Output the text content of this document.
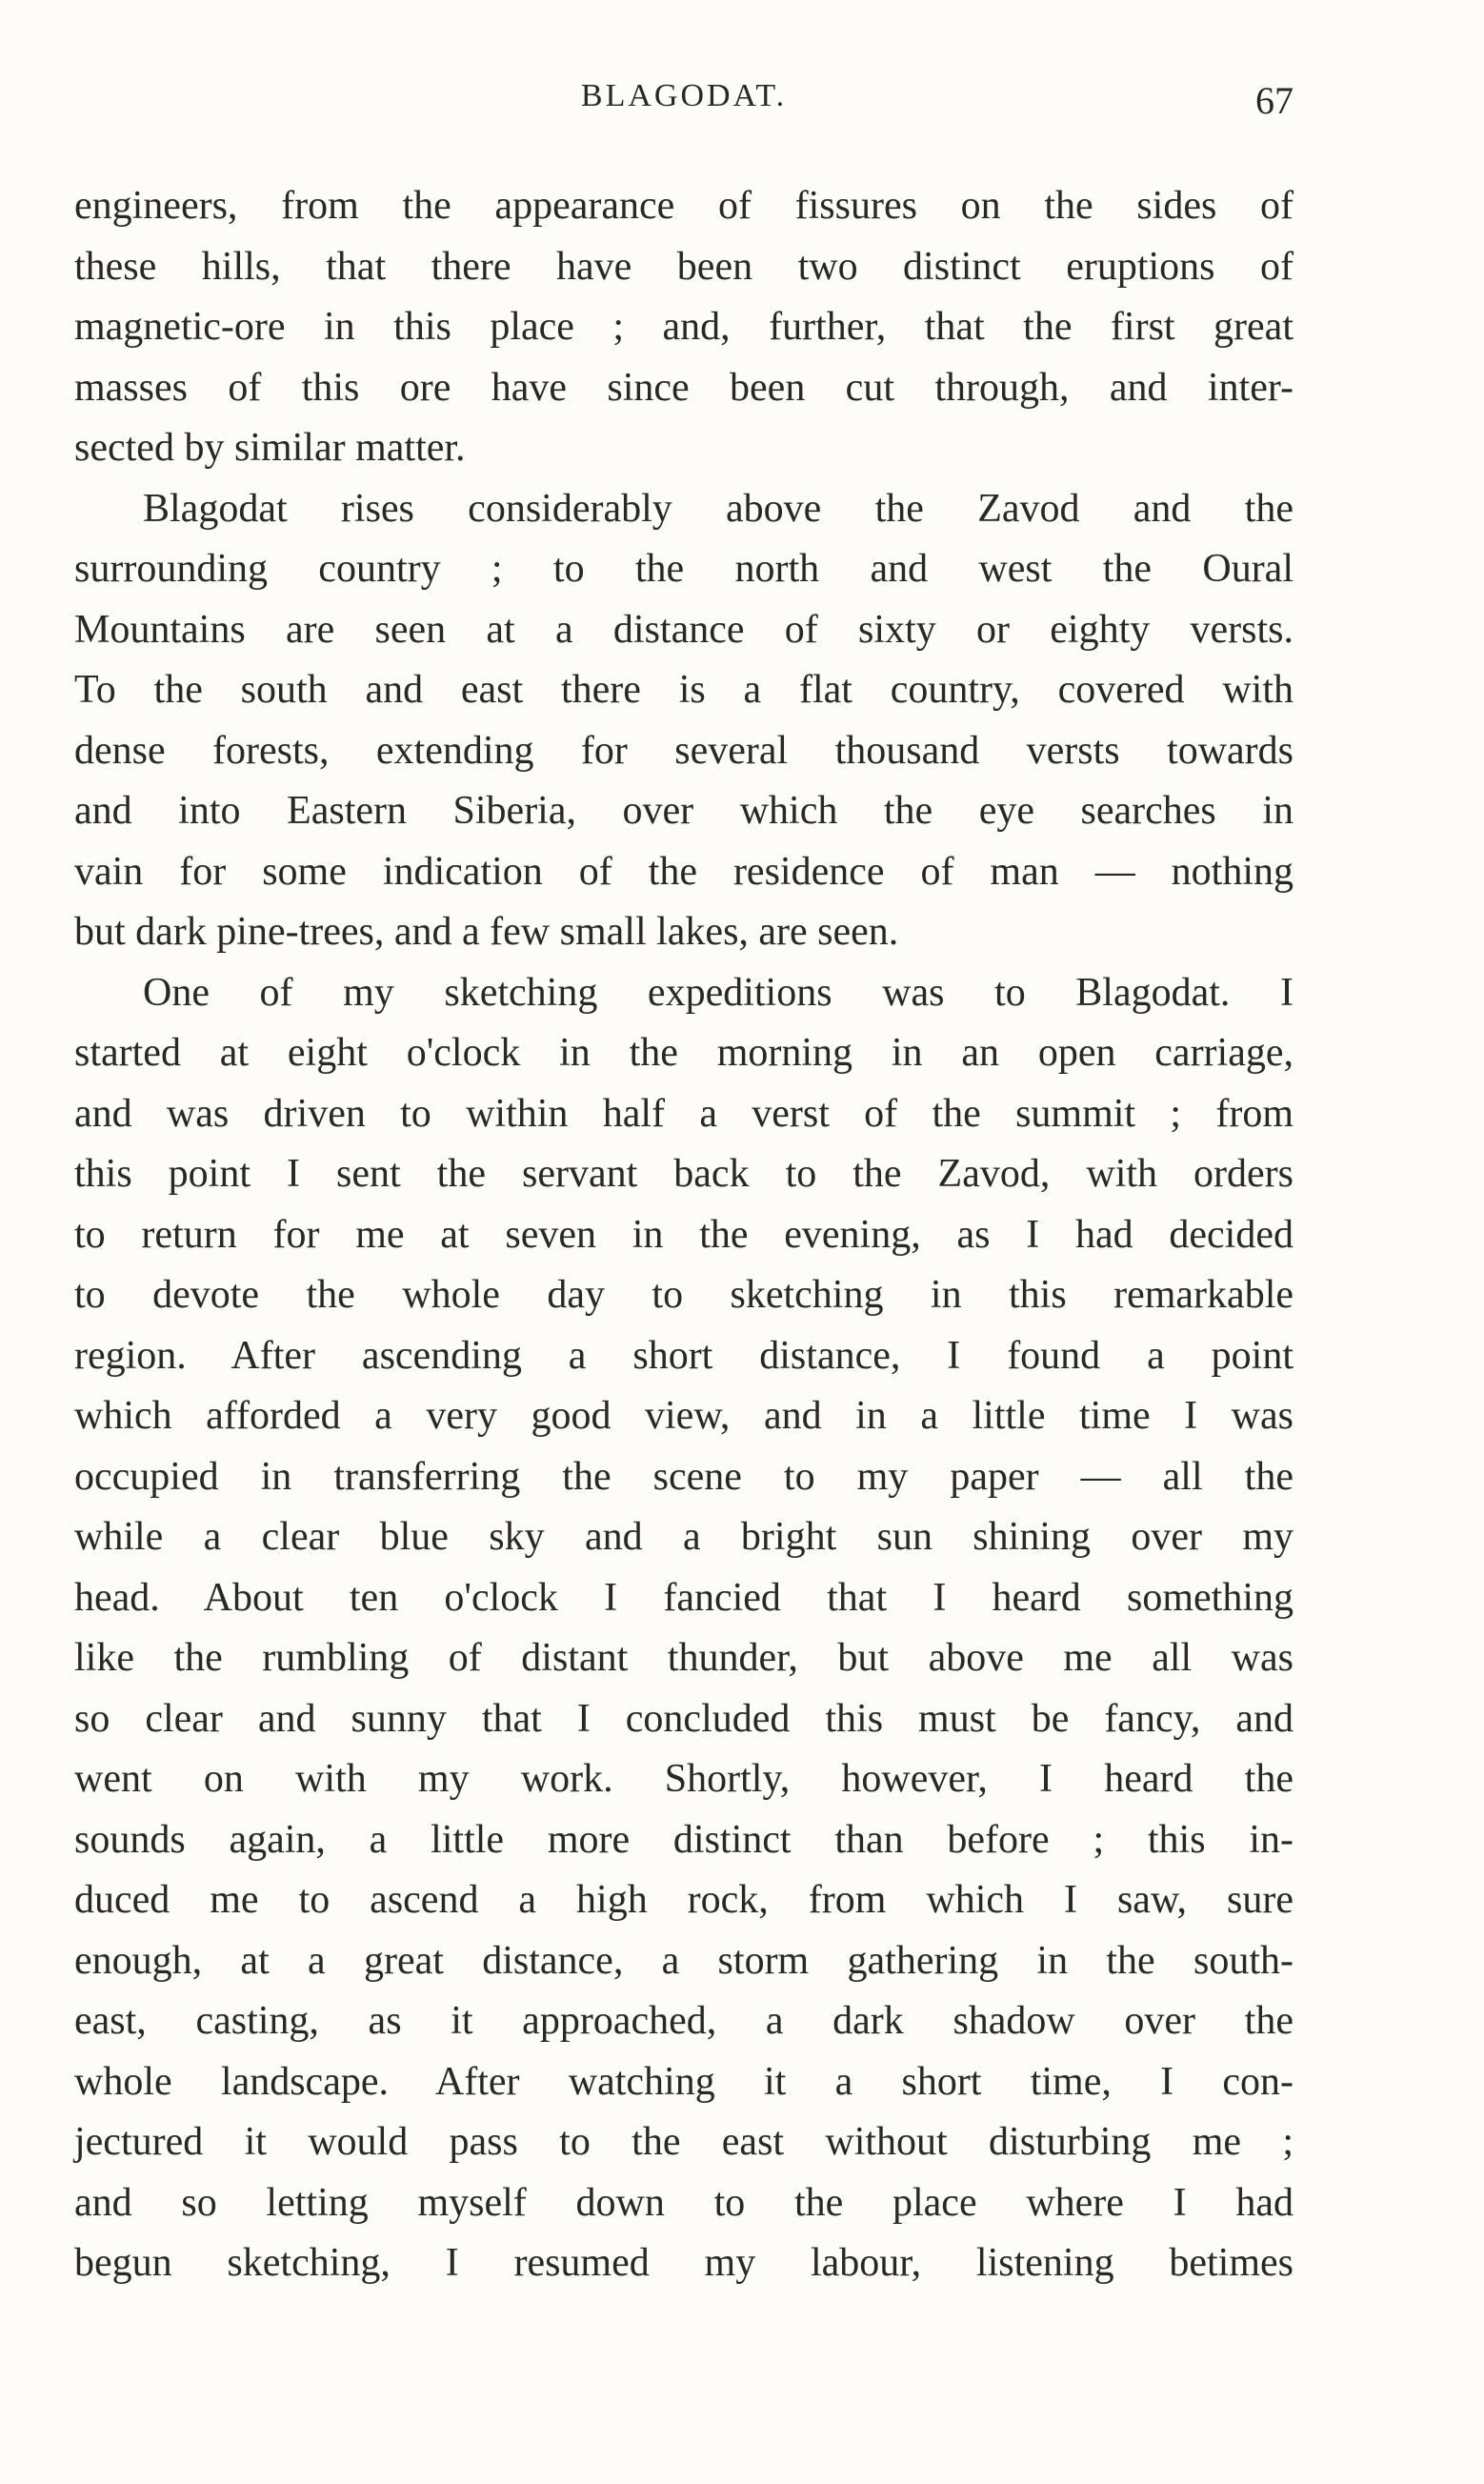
BLAGODAT.	67
engineers, from the appearance of fissures on the sides of
these hills, that there have been two distinct eruptions of
magnetic-ore in this place ; and, further, that the first great
masses of this ore have since been cut through, and inter-
sected by similar matter.
Blagodat rises considerably above the Zavod and the
surrounding country ; to the north and west the Oural
Mountains are seen at a distance of sixty or eighty versts.
To the south and east there is a flat country, covered with
dense forests, extending for several thousand versts towards
and into Eastern Siberia, over which the eye searches in
vain for some indication of the residence of man — nothing
but dark pine-trees, and a few small lakes, are seen.
One of my sketching expeditions was to Blagodat. I
started at eight o'clock in the morning in an open carriage,
and was driven to within half a verst of the summit ; from
this point I sent the servant back to the Zavod, with orders
to return for me at seven in the evening, as I had decided
to devote the whole day to sketching in this remarkable
region. After ascending a short distance, I found a point
which afforded a very good view, and in a little time I was
occupied in transferring the scene to my paper — all the
while a clear blue sky and a bright sun shining over my
head. About ten o'clock I fancied that I heard something
like the rumbling of distant thunder, but above me all was
so clear and sunny that I concluded this must be fancy, and
went on with my work. Shortly, however, I heard the
sounds again, a little more distinct than before ; this in-
duced me to ascend a high rock, from which I saw, sure
enough, at a great distance, a storm gathering in the south-
east, casting, as it approached, a dark shadow over the
whole landscape. After watching it a short time, I con-
jectured it would pass to the east without disturbing me ;
and so letting myself down to the place where I had
begun sketching, I resumed my labour, listening betimes
